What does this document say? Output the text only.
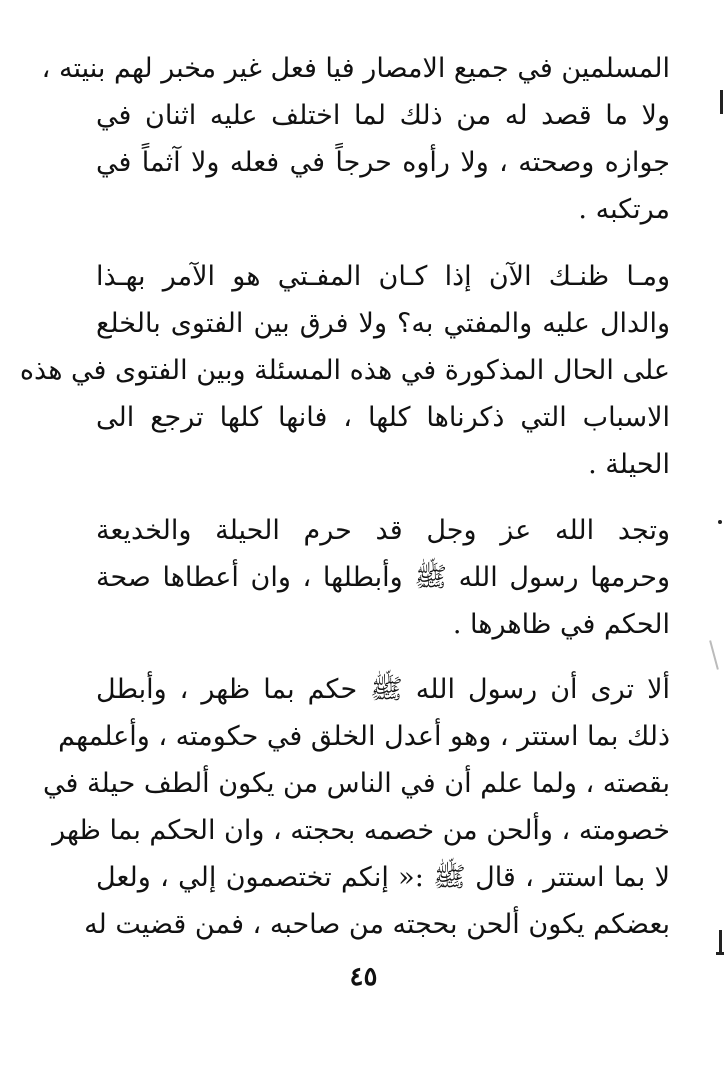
المسلمين في جميع الامصار فيا فعل غير مخبر لهم بنيته ،
ولا ما قصد له من ذلك لما اختلف عليه اثنان في
جوازه وصحته ، ولا رأوه حرجاً في فعله ولا آثماً في
مرتكبه .
ومـا ظنـك الآن إذا كـان المفـتي هو الآمر بهـذا
والدال عليه والمفتي به؟ ولا فرق بين الفتوى بالخلع
على الحال المذكورة في هذه المسئلة وبين الفتوى في هذه
الاسباب التي ذكرناها كلها ، فانها كلها ترجع الى
الحيلة .
وتجد الله عز وجل قد حرم الحيلة والخديعة
وحرمها رسول الله ﷺ وأبطلها ، وان أعطاها صحة
الحكم في ظاهرها .
ألا ترى أن رسول الله ﷺ حكم بما ظهر ، وأبطل
ذلك بما استتر ، وهو أعدل الخلق في حكومته ، وأعلمهم
بقصته ، ولما علم أن في الناس من يكون ألطف حيلة في
خصومته ، وألحن من خصمه بحجته ، وان الحكم بما ظهر
لا بما استتر ، قال ﷺ :« إنكم تختصمون إلي ، ولعل
بعضكم يكون ألحن بحجته من صاحبه ، فمن قضيت له
٤٥
